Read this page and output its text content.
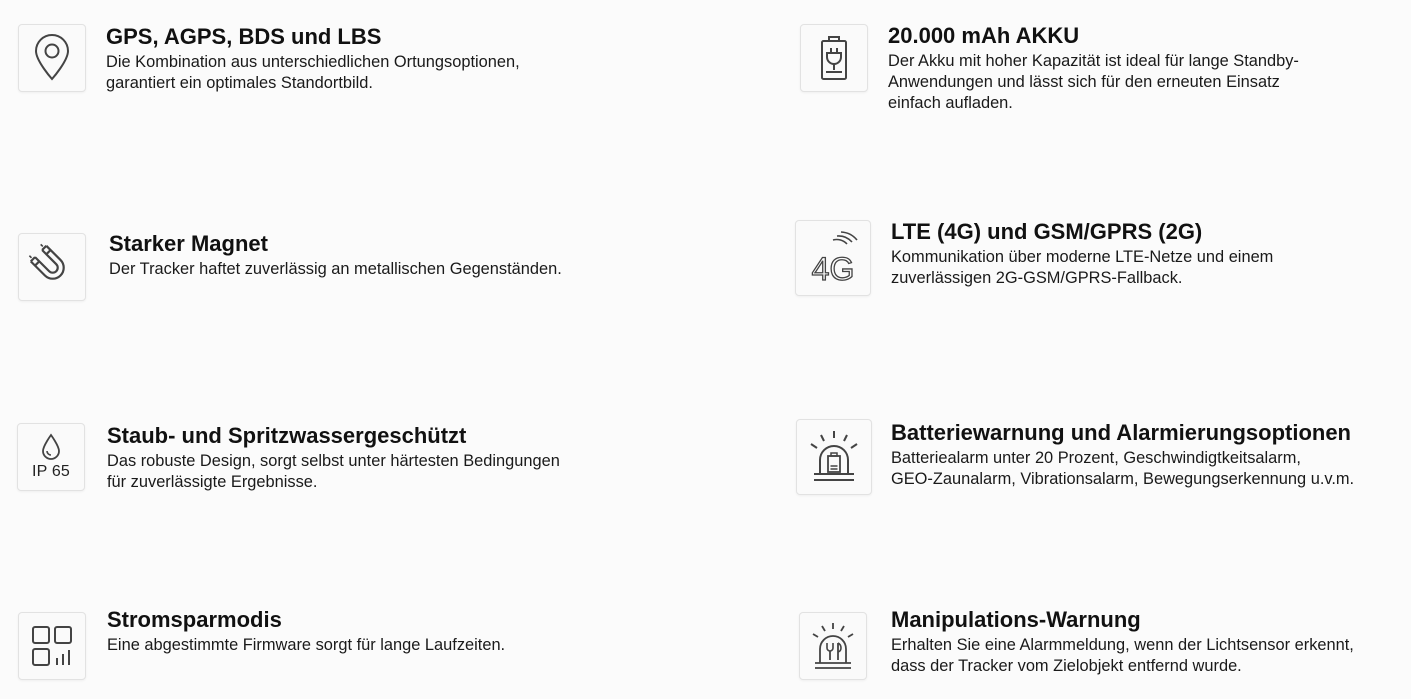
GPS, AGPS, BDS und LBS
Die Kombination aus unterschiedlichen Ortungsoptionen,
garantiert ein optimales Standortbild.
20.000 mAh AKKU
Der Akku mit hoher Kapazität ist ideal für lange Standby-
Anwendungen und lässt sich für den erneuten Einsatz
einfach aufladen.
Starker Magnet
Der Tracker haftet zuverlässig an metallischen Gegenständen.	4G
LTE (4G) und GSM/GPRS (2G)
Kommunikation über moderne LTE-Netze und einem
zuverlässigen 2G-GSM/GPRS-Fallback.
IP 65
Staub- und Spritzwassergeschützt
Das robuste Design, sorgt selbst unter härtesten Bedingungen
für zuverlässigte Ergebnisse.
Batteriewarnung und Alarmierungsoptionen
Batteriealarm unter 20 Prozent, Geschwindigtkeitsalarm,
GEO-Zaunalarm, Vibrationsalarm, Bewegungserkennung u.v.m.
Stromsparmodis
Eine abgestimmte Firmware sorgt für lange Laufzeiten.
Manipulations-Warnung
Erhalten Sie eine Alarmmeldung, wenn der Lichtsensor erkennt,
dass der Tracker vom Zielobjekt entfernd wurde.
